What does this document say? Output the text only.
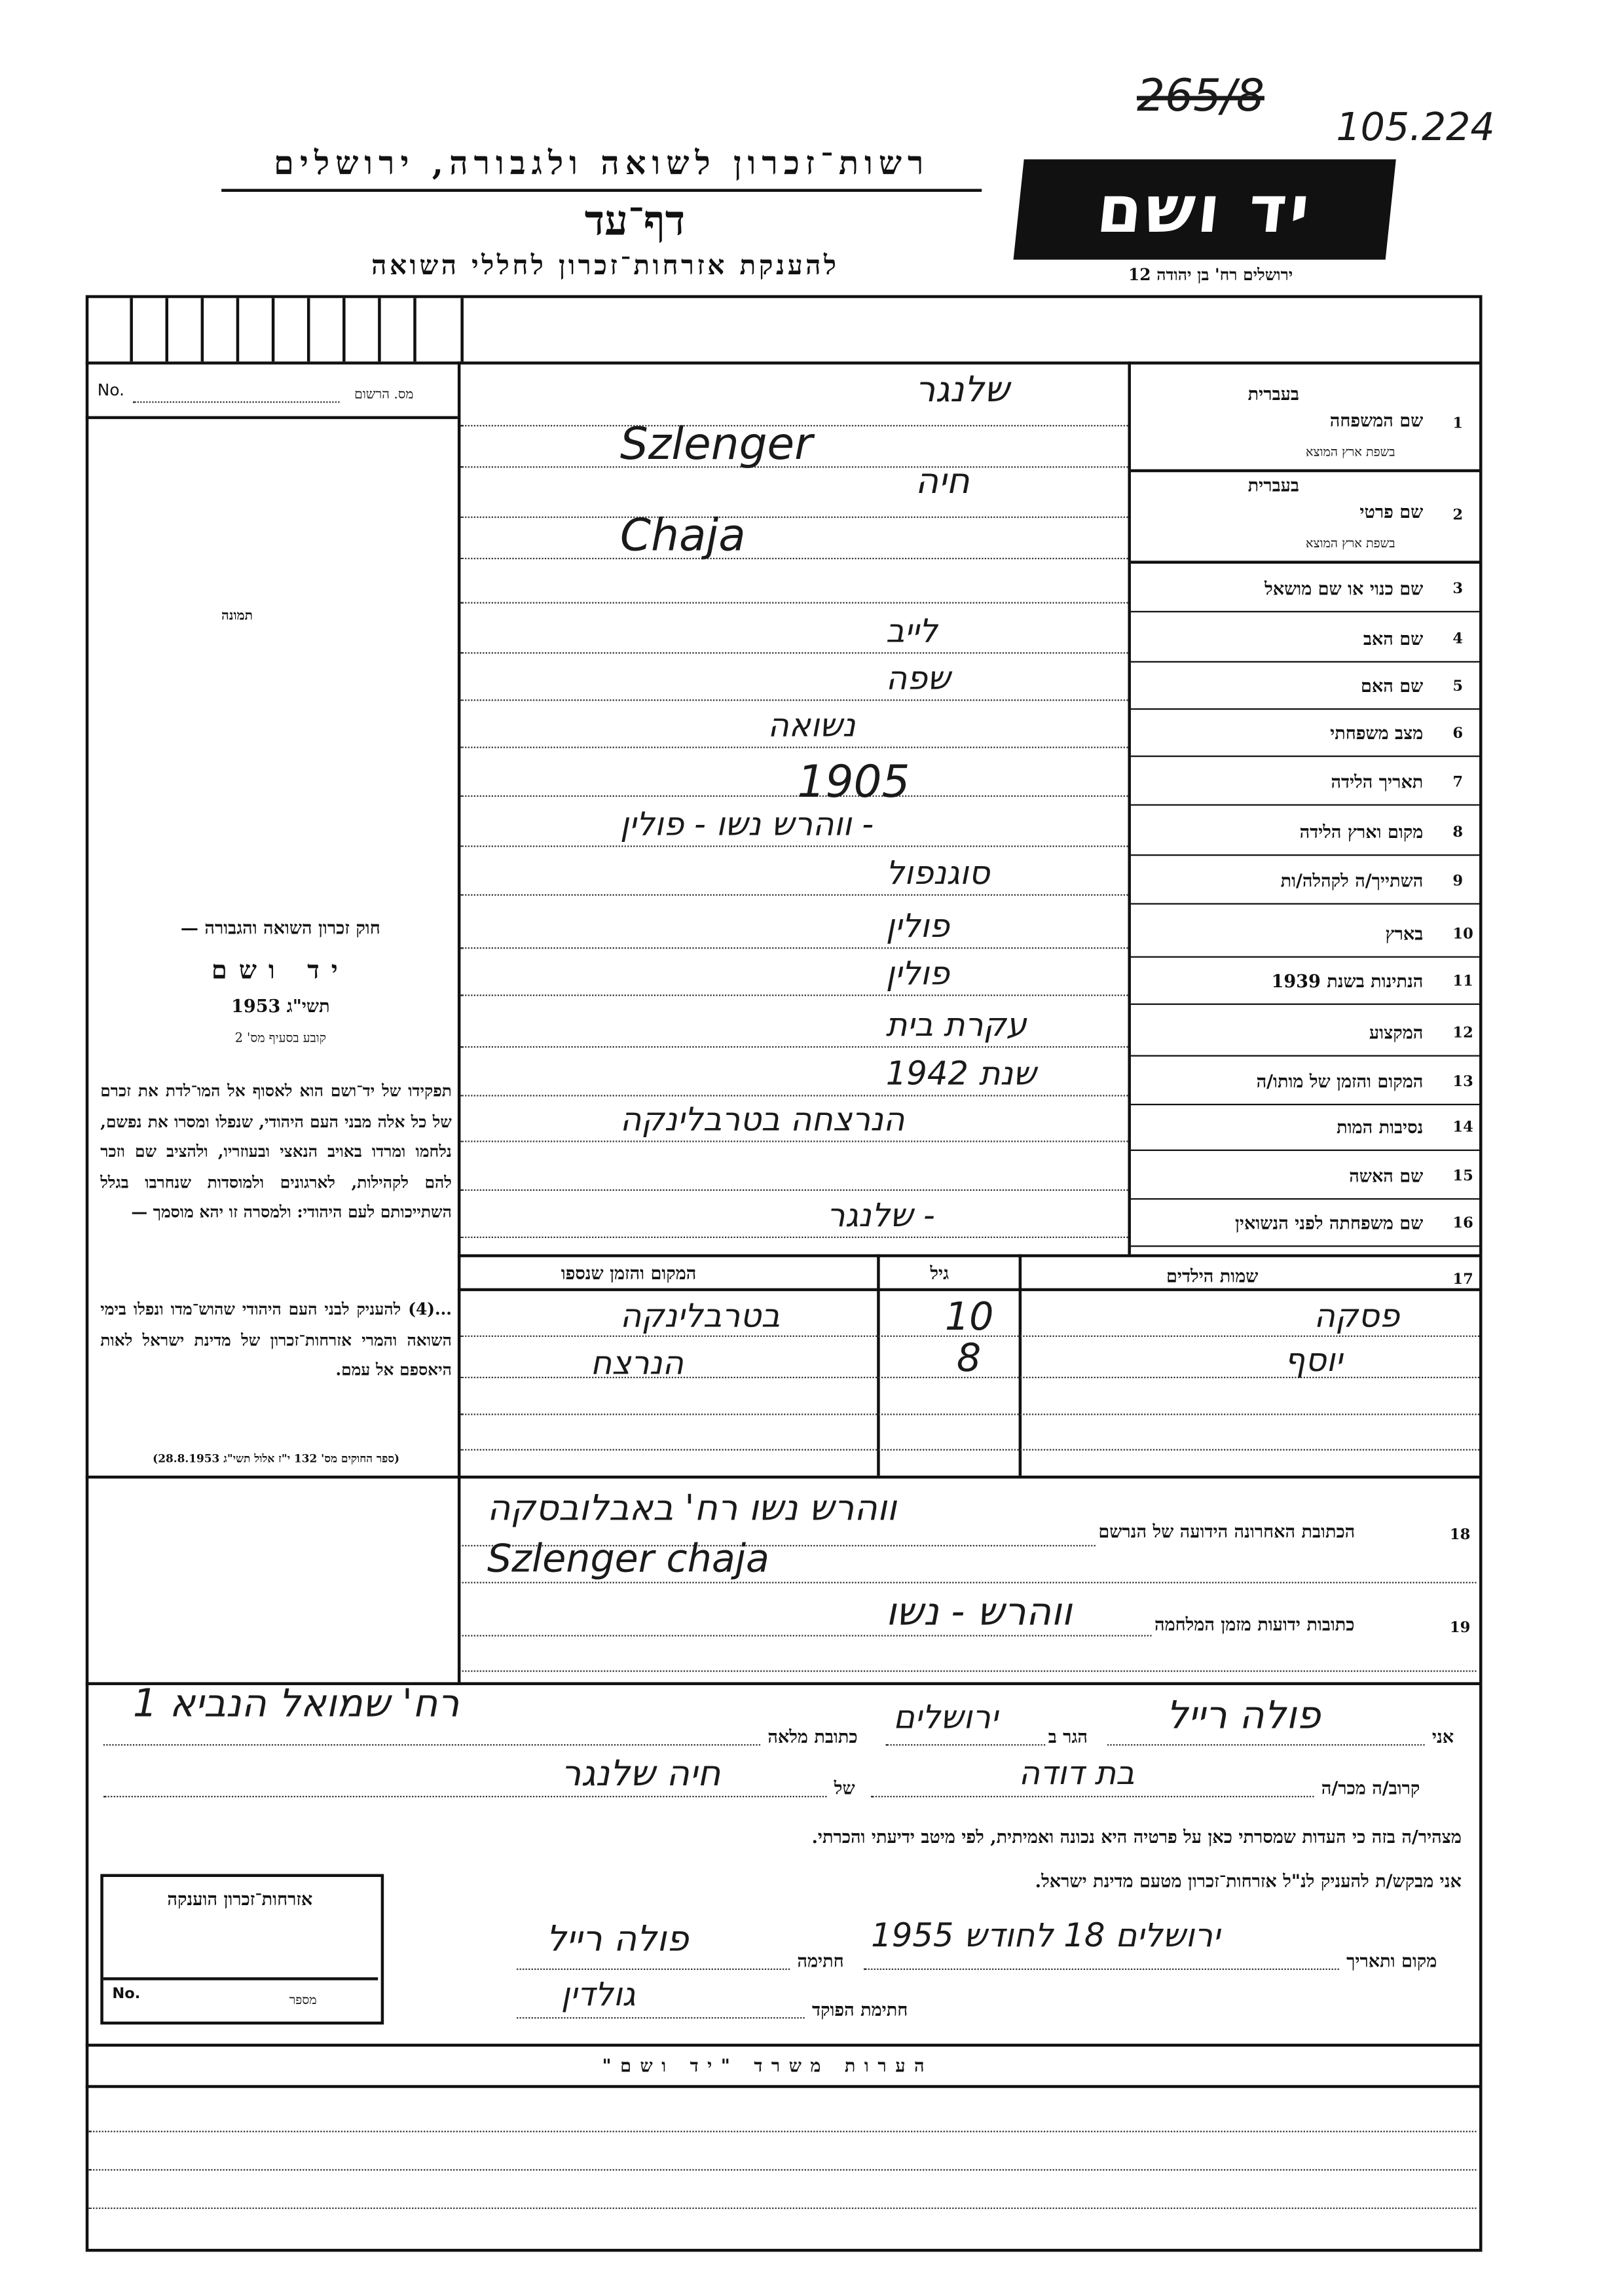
265/8
105.224
רשות־זכרון לשואה ולגבורה, ירושלים
דף־עד
להענקת אזרחות־זכרון לחללי השואה
יד ושם
ירושלים רח' בן יהודה 12
No.	מס. הרשום
תמונה
חוק זכרון השואה והגבורה —
יד ושם
תשי"ג 1953
קובע בסעיף מס' 2
תפקידו של יד־ושם הוא לאסוף אל המו־לדת את זכרם של כל אלה מבני העם היהודי, שנפלו ומסרו את נפשם, נלחמו ומרדו באויב הנאצי ובעוזריו, ולהציב שם וזכר להם לקהילות, לארגונים ולמוסדות שנחרבו בגלל השתייכותם לעם היהודי: ולמסרה זו יהא מוסמך —
...(4) להעניק לבני העם היהודי שהוש־מדו ונפלו בימי השואה והמרי אזרחות־זכרון של מדינת ישראל לאות היאספם אל עמם.
(ספר החוקים מס' 132 י"ז אלול תשי"ג 28.8.1953)
17
שמות הילדים
גיל
המקום והזמן שנספו
פסקה
יוסף
10
8
בטרבלינקה
הנרצח
18
הכתובת האחרונה הידועה של הנרשם
ווהרש נשו רח' באבלובסקה
Szlenger chaja
19
כתובות ידועות מזמן המלחמה
ווהרש - נשו
אני
פולה רייל
הגר ב
ירושלים
כתובת מלאה
רח' שמואל הנביא 1
קרוב/ה מכר/ה
בת דודה
של
חיה שלנגר
מצהיר/ה בזה כי העדות שמסרתי כאן על פרטיה היא נכונה ואמיתית, לפי מיטב ידיעתי והכרתי.
אני מבקש/ת להעניק לנ"ל אזרחות־זכרון מטעם מדינת ישראל.
מקום ותאריך
ירושלים 18 לחודש 1955
חתימה
פולה רייל
חתימת הפוקד
גולדין
אזרחות־זכרון הוענקה
No.	מספר
הערות משרד "יד ושם"
1
שם המשפחה
בעברית
בשפת ארץ המוצא
שלנגר
Szlenger
2
שם פרטי
בעברית
בשפת ארץ המוצא
חיה
Chaja
3
שם כנוי או שם מושאל
4
שם האב
לייב
5
שם האם
שפה
6
מצב משפחתי
נשואה
7
תאריך הלידה
1905
8
מקום וארץ הלידה
ווהרש נשו - פולין -
9
השתייך/ה לקהלה/ות
סוגנפול
10
בארץ
פולין
11
הנתינות בשנת 1939
פולין
12
המקצוע
עקרת בית
13
המקום והזמן של מותו/ה
1942 שנת
14
נסיבות המות
הנרצחה בטרבלינקה
15
שם האשה
16
שם משפחתה לפני הנשואין
שלנגר -
